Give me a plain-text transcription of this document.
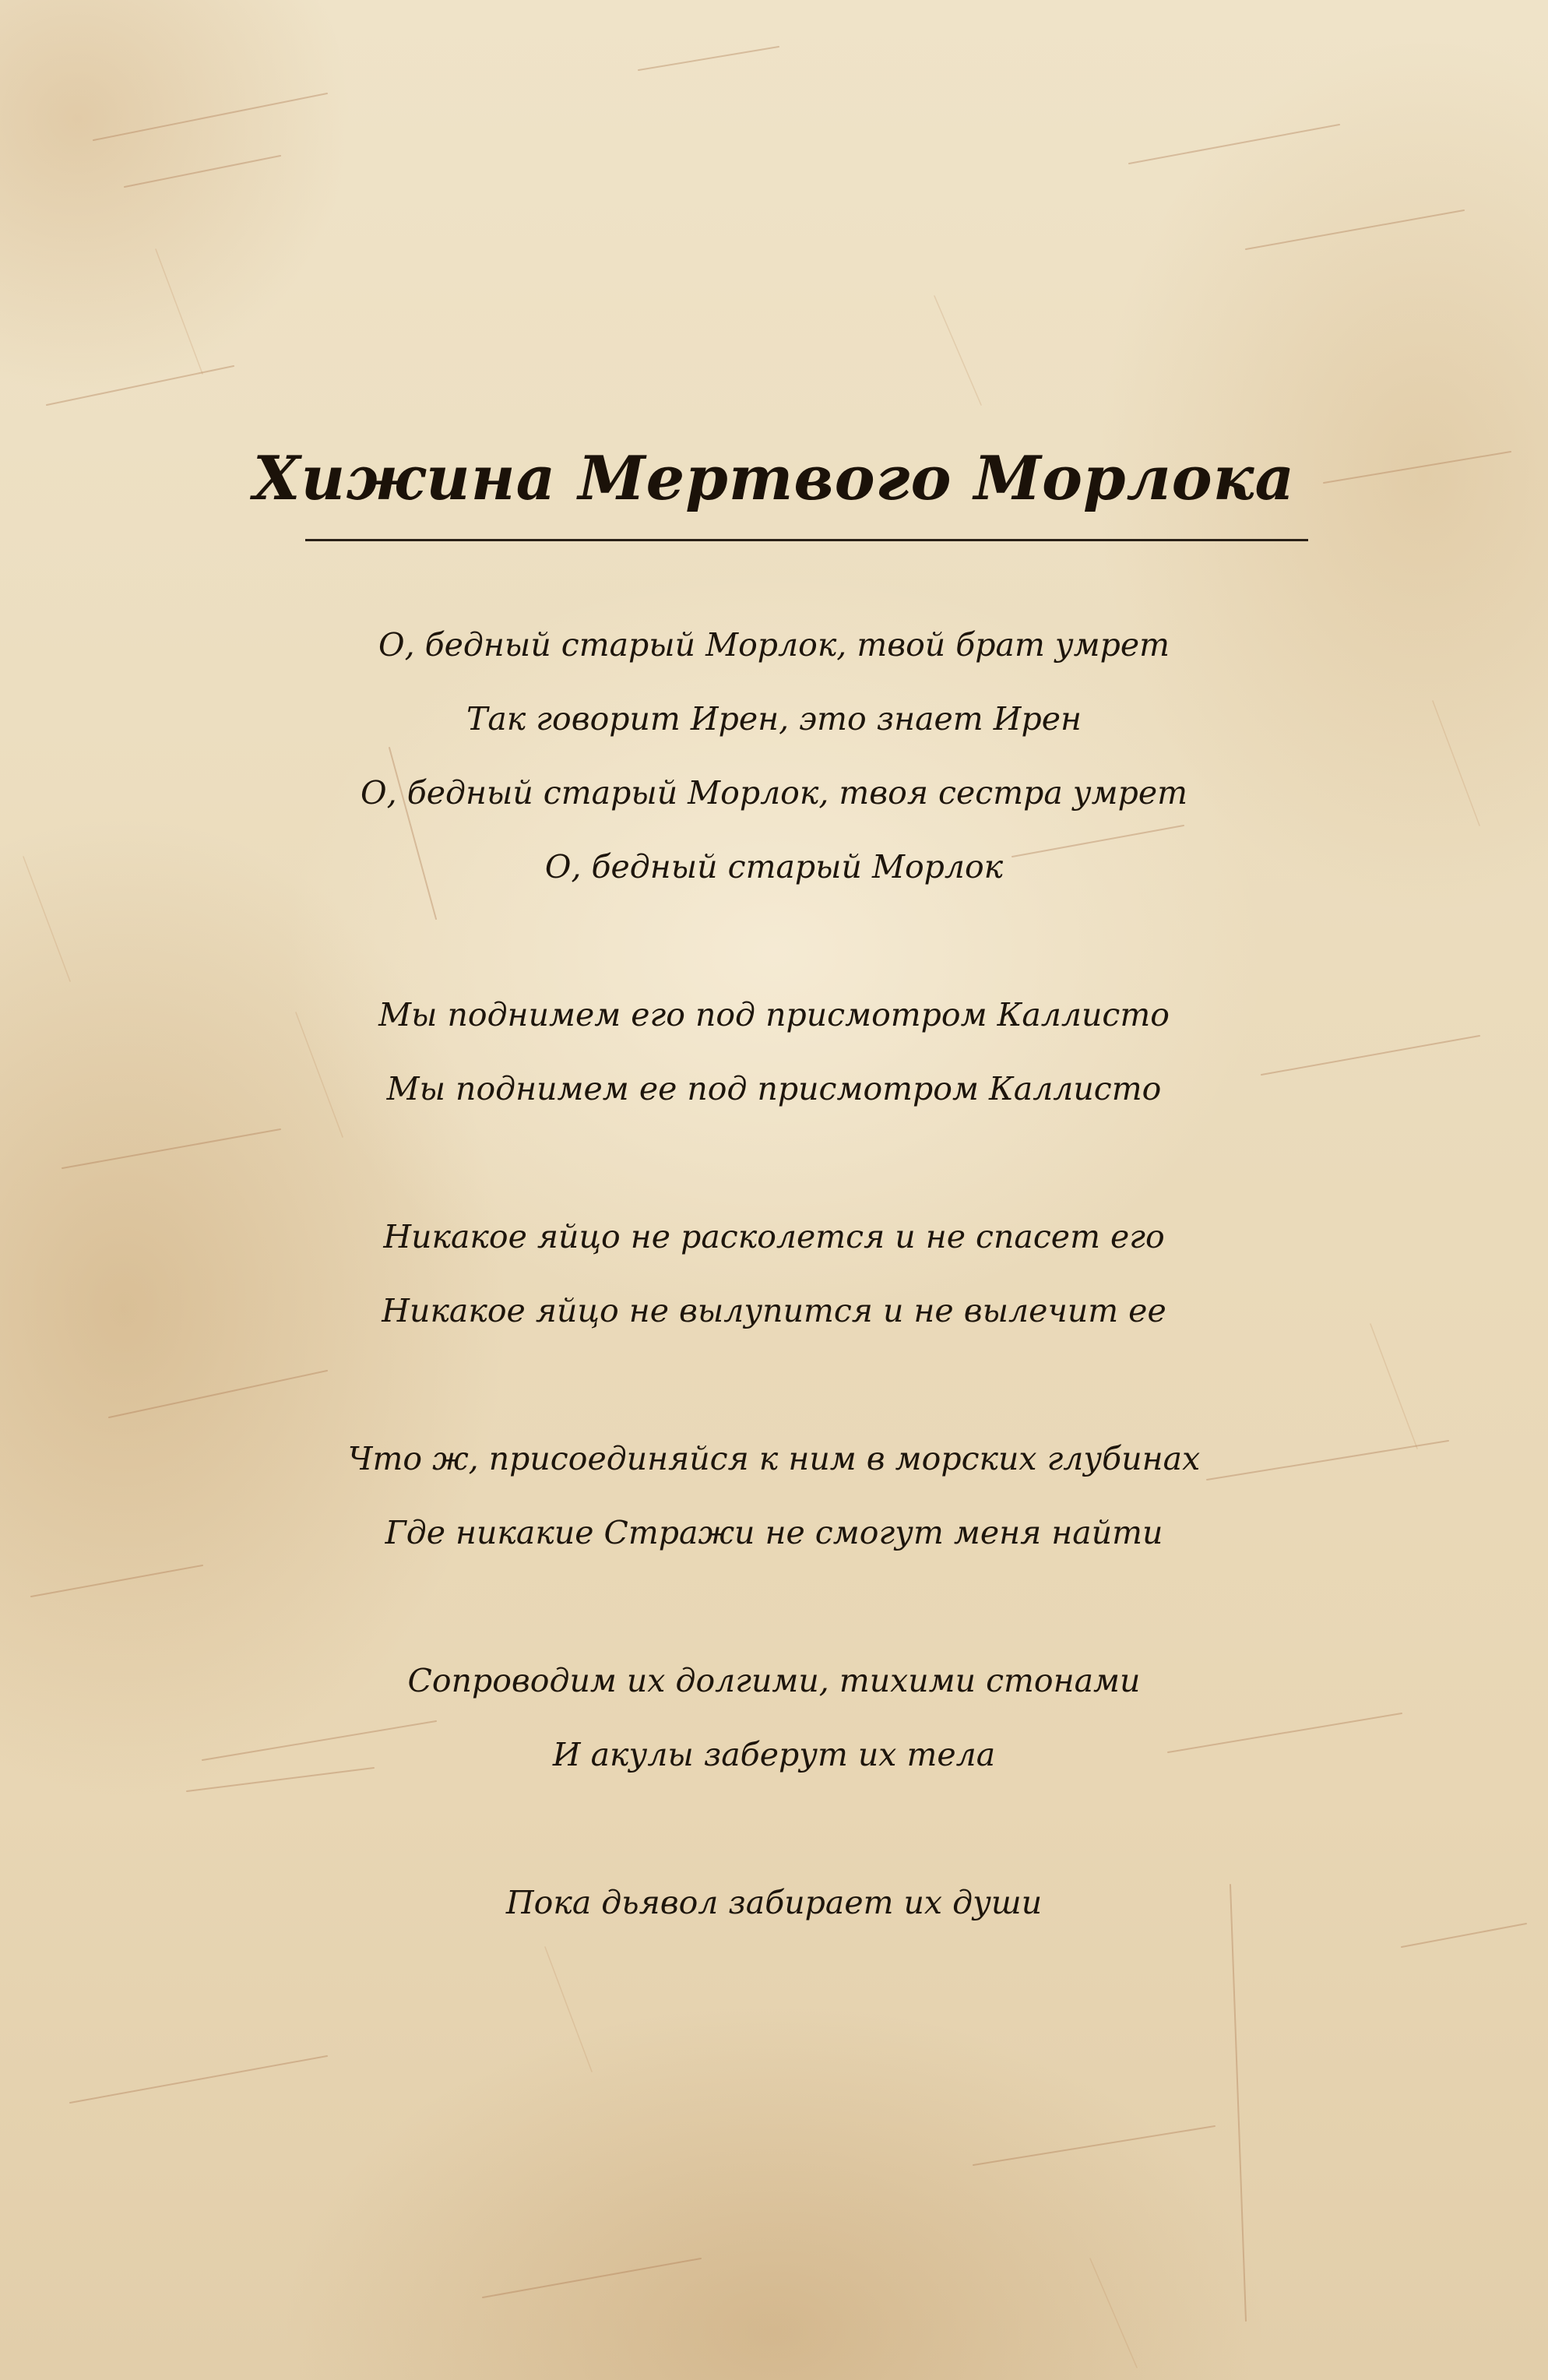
Хижина Мертвого Морлока
О, бедный старый Морлок, твой брат умрет
Так говорит Ирен, это знает Ирен
О, бедный старый Морлок, твоя сестра умрет
О, бедный старый Морлок
Мы поднимем его под присмотром Каллисто
Мы поднимем ее под присмотром Каллисто
Никакое яйцо не расколется и не спасет его
Никакое яйцо не вылупится и не вылечит ее
Что ж, присоединяйся к ним в морских глубинах
Где никакие Стражи не смогут меня найти
Сопроводим их долгими, тихими стонами
И акулы заберут их тела
Пока дьявол забирает их души
